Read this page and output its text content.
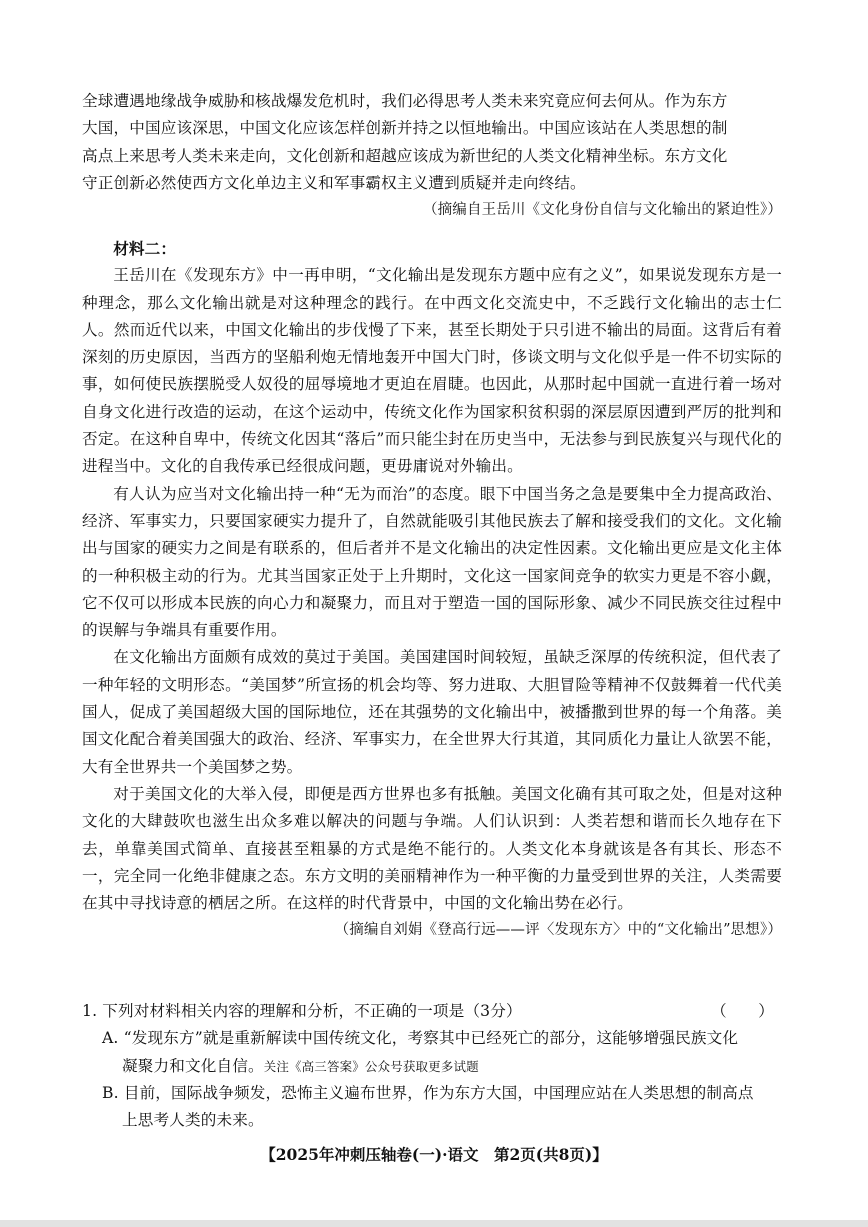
全球遭遇地缘战争威胁和核战爆发危机时，我们必得思考人类未来究竟应何去何从。作为东方

大国，中国应该深思，中国文化应该怎样创新并持之以恒地输出。中国应该站在人类思想的制

高点上来思考人类未来走向，文化创新和超越应该成为新世纪的人类文化精神坐标。东方文化

守正创新必然使西方文化单边主义和军事霸权主义遭到质疑并走向终结。

（摘编自王岳川《文化身份自信与文化输出的紧迫性》）

材料二：

王岳川在《发现东方》中一再申明，“文化输出是发现东方题中应有之义”，如果说发现东方是一种理念，那么文化输出就是对这种理念的践行。在中西文化交流史中，不乏践行文化输出的志士仁人。然而近代以来，中国文化输出的步伐慢了下来，甚至长期处于只引进不输出的局面。这背后有着深刻的历史原因，当西方的坚船利炮无情地轰开中国大门时，侈谈文明与文化似乎是一件不切实际的事，如何使民族摆脱受人奴役的屈辱境地才更迫在眉睫。也因此，从那时起中国就一直进行着一场对自身文化进行改造的运动，在这个运动中，传统文化作为国家积贫积弱的深层原因遭到严厉的批判和否定。在这种自卑中，传统文化因其“落后”而只能尘封在历史当中，无法参与到民族复兴与现代化的进程当中。文化的自我传承已经很成问题，更毋庸说对外输出。

有人认为应当对文化输出持一种“无为而治”的态度。眼下中国当务之急是要集中全力提高政治、经济、军事实力，只要国家硬实力提升了，自然就能吸引其他民族去了解和接受我们的文化。文化输出与国家的硬实力之间是有联系的，但后者并不是文化输出的决定性因素。文化输出更应是文化主体的一种积极主动的行为。尤其当国家正处于上升期时，文化这一国家间竞争的软实力更是不容小觑，它不仅可以形成本民族的向心力和凝聚力，而且对于塑造一国的国际形象、减少不同民族交往过程中的误解与争端具有重要作用。

在文化输出方面颇有成效的莫过于美国。美国建国时间较短，虽缺乏深厚的传统积淀，但代表了一种年轻的文明形态。“美国梦”所宣扬的机会均等、努力进取、大胆冒险等精神不仅鼓舞着一代代美国人，促成了美国超级大国的国际地位，还在其强势的文化输出中，被播撒到世界的每一个角落。美国文化配合着美国强大的政治、经济、军事实力，在全世界大行其道，其同质化力量让人欲罢不能，大有全世界共一个美国梦之势。

对于美国文化的大举入侵，即便是西方世界也多有抵触。美国文化确有其可取之处，但是对这种文化的大肆鼓吹也滋生出众多难以解决的问题与争端。人们认识到：人类若想和谐而长久地存在下去，单靠美国式简单、直接甚至粗暴的方式是绝不能行的。人类文化本身就该是各有其长、形态不一，完全同一化绝非健康之态。东方文明的美丽精神作为一种平衡的力量受到世界的关注，人类需要在其中寻找诗意的栖居之所。在这样的时代背景中，中国的文化输出势在必行。

（摘编自刘娟《登高行远——评〈发现东方〉中的“文化输出”思想》）

1. 下列对材料相关内容的理解和分析，不正确的一项是（3分）	（　　）

A. “发现东方”就是重新解读中国传统文化，考察其中已经死亡的部分，这能够增强民族文化

凝聚力和文化自信。关注《高三答案》公众号获取更多试题

B. 目前，国际战争频发，恐怖主义遍布世界，作为东方大国，中国理应站在人类思想的制高点

上思考人类的未来。

【2025年冲刺压轴卷(一)·语文　第2页(共8页)】
